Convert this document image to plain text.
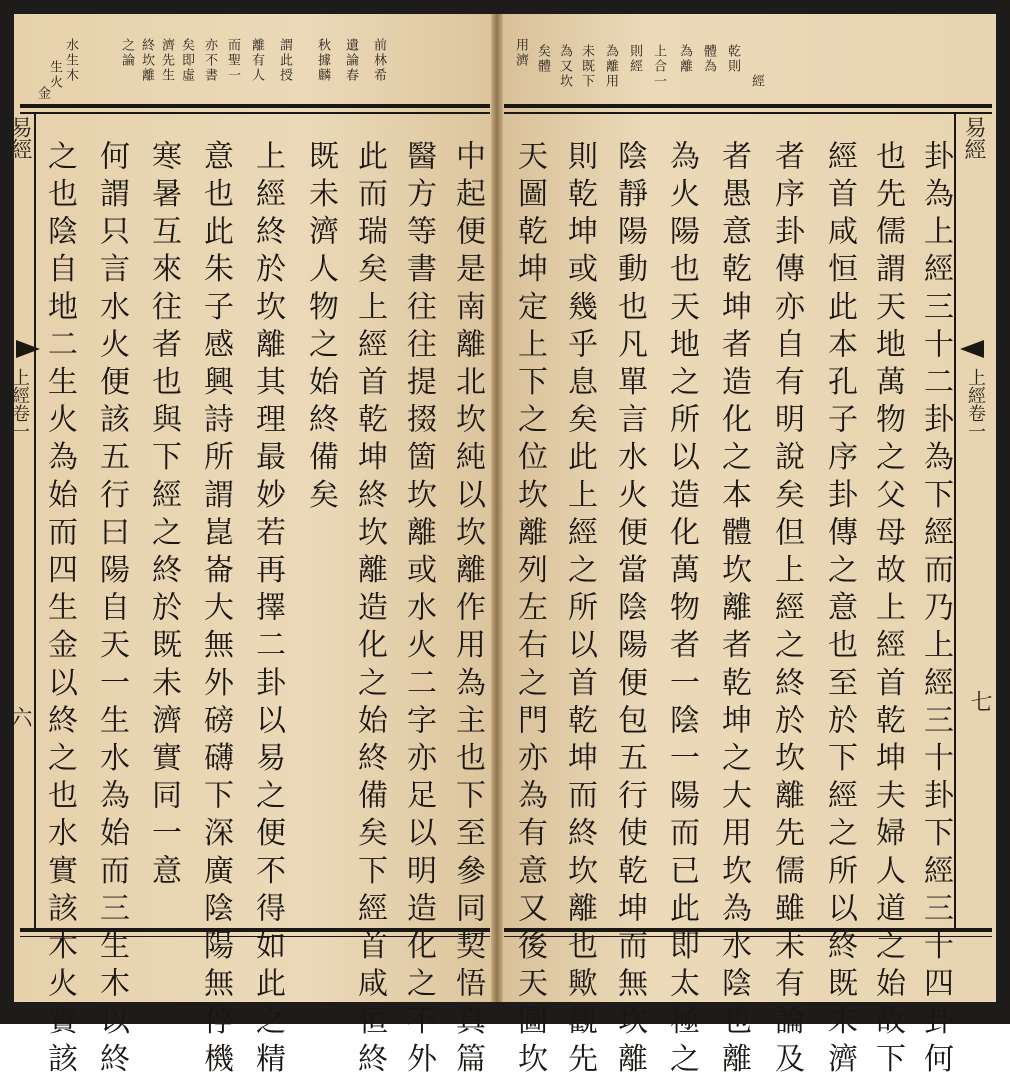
水生木
生火
金
之論 終坎離 濟先生 矣即虛 亦不書 而聖一 離有人 謂此授 秋據麟 遺論春 前林希
中起便是南離北坎純以坎離作用為主也下至參同契悟真篇
醫方等書往往提掇箇坎離或水火二字亦足以明造化之不外
此而瑞矣上經首乾坤終坎離造化之始終備矣下經首咸恒終
既未濟人物之始終備矣
上經終於坎離其理最妙若再擇二卦以易之便不得如此之精
意也此朱子感興詩所謂崑崙大無外磅礴下深廣陰陽無停機
寒暑互來往者也與下經之終於既未濟實同一意
何謂只言水火便該五行曰陽自天一生水為始而三生木以終
之也陰自地二生火為始而四生金以終之也水實該木火實該
易經
上經卷一
六
用濟 矣體 為又坎 未既下 為離用 則經 上合一 為離 體為 乾則
經
卦為上經三十二卦為下經而乃上經三十卦下經三十四卦何
也先儒謂天地萬物之父母故上經首乾坤夫婦人道之始故下
經首咸恒此本孔子序卦傳之意也至於下經之所以終既未濟
者序卦傳亦自有明說矣但上經之終於坎離先儒雖未有論及
者愚意乾坤者造化之本體坎離者乾坤之大用坎為水陰也離
為火陽也天地之所以造化萬物者一陰一陽而已此即太極之
陰靜陽動也凡單言水火便當陰陽便包五行使乾坤而無坎離
則乾坤或幾乎息矣此上經之所以首乾坤而終坎離也歟觀先
天圖乾坤定上下之位坎離列左右之門亦為有意又後天圖坎
易經
上經卷一
七
